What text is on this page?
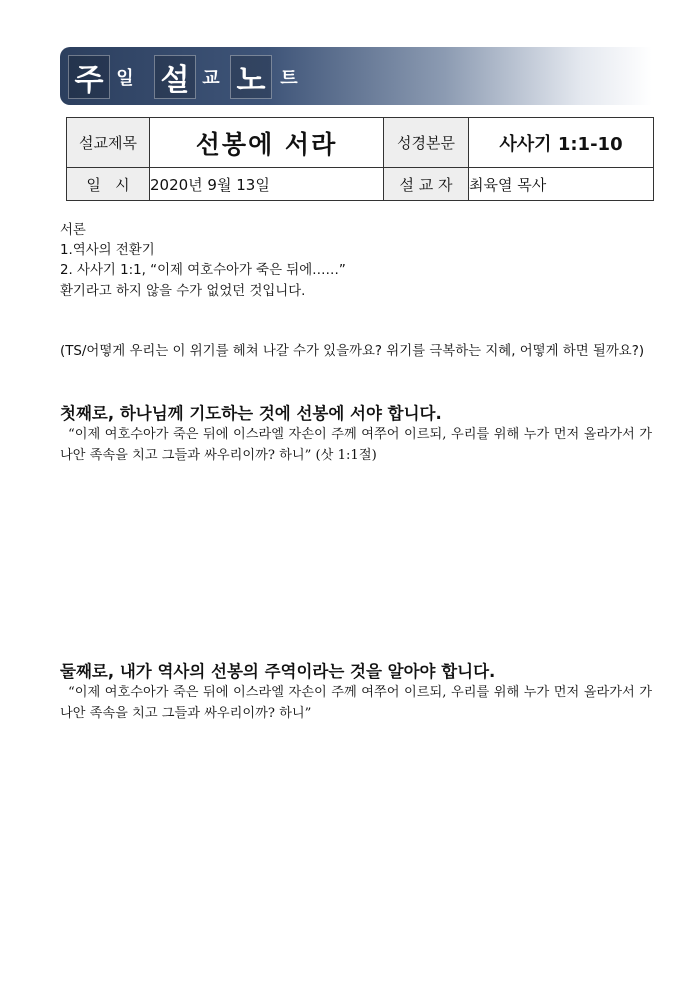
주 일 설 교 노 트
설교제목	선봉에 서라	성경본문	사사기 1:1-10
일   시	2020년 9월 13일	설 교 자	최육열 목사
서론
1.역사의 전환기
2. 사사기 1:1, “이제 여호수아가 죽은 뒤에……”
환기라고 하지 않을 수가 없었던 것입니다.
(TS/어떻게 우리는 이 위기를 헤쳐 나갈 수가 있을까요? 위기를 극복하는 지혜, 어떻게 하면 될까요?)
첫째로, 하나님께 기도하는 것에 선봉에 서야 합니다.
“이제 여호수아가 죽은 뒤에 이스라엘 자손이 주께 여쭈어 이르되, 우리를 위해 누가 먼저 올라가서 가나안 족속을 치고 그들과 싸우리이까? 하니” (삿 1:1절)
둘째로, 내가 역사의 선봉의 주역이라는 것을 알아야 합니다.
“이제 여호수아가 죽은 뒤에 이스라엘 자손이 주께 여쭈어 이르되, 우리를 위해 누가 먼저 올라가서 가나안 족속을 치고 그들과 싸우리이까? 하니”
